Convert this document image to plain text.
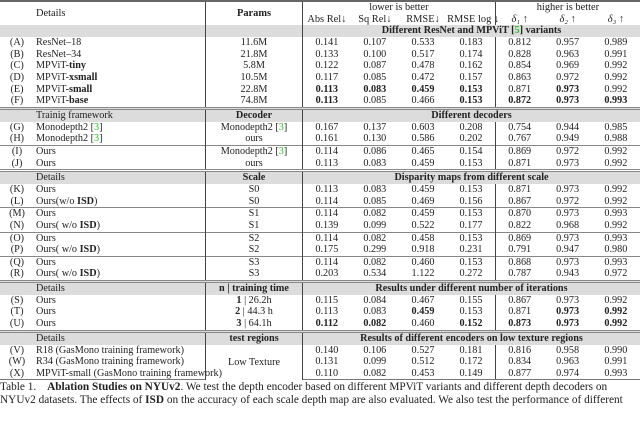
	Details	Params	lower is better				higher is better		
			Abs Rel↓	Sq Rel↓	RMSE↓	RMSE log ↓	δ₁ ↑	δ₂ ↑	δ₃ ↑
			Different ResNet and MPViT [5] variants						
(A)	ResNet–18	11.6M	0.141	0.107	0.533	0.183	0.812	0.957	0.989
(B)	ResNet–34	21.8M	0.133	0.100	0.517	0.174	0.828	0.963	0.991
(C)	MPViT-tiny	5.8M	0.122	0.087	0.478	0.162	0.854	0.969	0.992
(D)	MPViT-xsmall	10.5M	0.117	0.085	0.472	0.157	0.863	0.972	0.992
(E)	MPViT-small	22.8M	0.113	0.083	0.459	0.153	0.871	0.973	0.992
(F)	MPViT-base	74.8M	0.113	0.085	0.466	0.153	0.872	0.973	0.993
	Trainig framework	Decoder	Different decoders						
(G)	Monodepth2 [3]	Monodepth2 [3]	0.167	0.137	0.603	0.208	0.754	0.944	0.985
(H)	Monodepth2 [3]	ours	0.161	0.130	0.586	0.202	0.767	0.949	0.988
(I)	Ours	Monodepth2 [3]	0.114	0.086	0.465	0.154	0.869	0.972	0.992
(J)	Ours	ours	0.113	0.083	0.459	0.153	0.871	0.973	0.992
	Details	Scale	Disparity maps from different scale						
(K)	Ours	S0	0.113	0.083	0.459	0.153	0.871	0.973	0.992
(L)	Ours(w/o ISD)	S0	0.114	0.085	0.469	0.156	0.867	0.972	0.992
(M)	Ours	S1	0.114	0.082	0.459	0.153	0.870	0.973	0.993
(N)	Ours( w/o ISD)	S1	0.139	0.099	0.522	0.177	0.822	0.968	0.992
(O)	Ours	S2	0.114	0.082	0.458	0.153	0.869	0.973	0.993
(P)	Ours( w/o ISD)	S2	0.175	0.299	0.918	0.231	0.791	0.947	0.980
(Q)	Ours	S3	0.114	0.082	0.460	0.153	0.868	0.973	0.993
(R)	Ours( w/o ISD)	S3	0.203	0.534	1.122	0.272	0.787	0.943	0.972
	Details	n | training time	Results under different number of iterations						
(S)	Ours	1 | 26.2h	0.115	0.084	0.467	0.155	0.867	0.973	0.992
(T)	Ours	2 | 44.3 h	0.113	0.083	0.459	0.153	0.871	0.973	0.992
(U)	Ours	3 | 64.1h	0.112	0.082	0.460	0.152	0.873	0.973	0.992
	Details	test regions	Results of different encoders on low texture regions						
(V)	R18 (GasMono training framework)	Low Texture	0.140	0.106	0.527	0.181	0.816	0.958	0.990
(W)	R34 (GasMono training framework)		0.131	0.099	0.512	0.172	0.834	0.963	0.991
(X)	MPViT-small (GasMono training framework)		0.110	0.082	0.453	0.149	0.877	0.974	0.993
Table 1. Ablation Studies on NYUv2. We test the depth encoder based on different MPViT variants and different depth decoders on
NYUv2 datasets. The effects of ISD on the accuracy of each scale depth map are also evaluated. We also test the performance of different
